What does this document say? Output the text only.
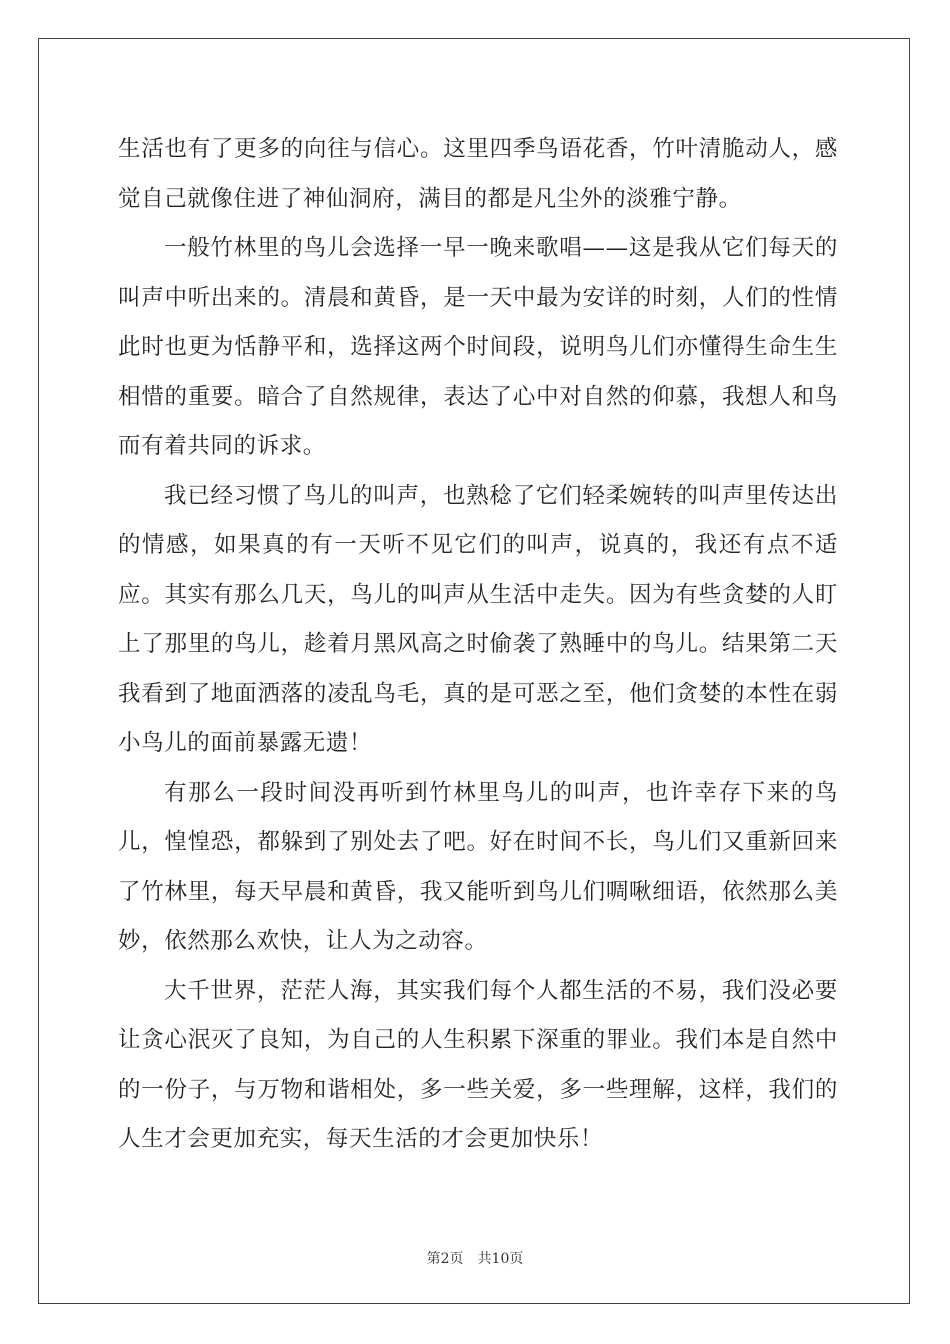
生活也有了更多的向往与信心。这里四季鸟语花香，竹叶清脆动人，感觉自己就像住进了神仙洞府，满目的都是凡尘外的淡雅宁静。

一般竹林里的鸟儿会选择一早一晚来歌唱——这是我从它们每天的叫声中听出来的。清晨和黄昏，是一天中最为安详的时刻，人们的性情此时也更为恬静平和，选择这两个时间段，说明鸟儿们亦懂得生命生生相惜的重要。暗合了自然规律，表达了心中对自然的仰慕，我想人和鸟而有着共同的诉求。

我已经习惯了鸟儿的叫声，也熟稔了它们轻柔婉转的叫声里传达出的情感，如果真的有一天听不见它们的叫声，说真的，我还有点不适应。其实有那么几天，鸟儿的叫声从生活中走失。因为有些贪婪的人盯上了那里的鸟儿，趁着月黑风高之时偷袭了熟睡中的鸟儿。结果第二天我看到了地面洒落的凌乱鸟毛，真的是可恶之至，他们贪婪的本性在弱小鸟儿的面前暴露无遗！

有那么一段时间没再听到竹林里鸟儿的叫声，也许幸存下来的鸟儿，惶惶恐，都躲到了别处去了吧。好在时间不长，鸟儿们又重新回来了竹林里，每天早晨和黄昏，我又能听到鸟儿们啁啾细语，依然那么美妙，依然那么欢快，让人为之动容。

大千世界，茫茫人海，其实我们每个人都生活的不易，我们没必要让贪心泯灭了良知，为自己的人生积累下深重的罪业。我们本是自然中的一份子，与万物和谐相处，多一些关爱，多一些理解，这样，我们的人生才会更加充实，每天生活的才会更加快乐！

第2页 共10页
